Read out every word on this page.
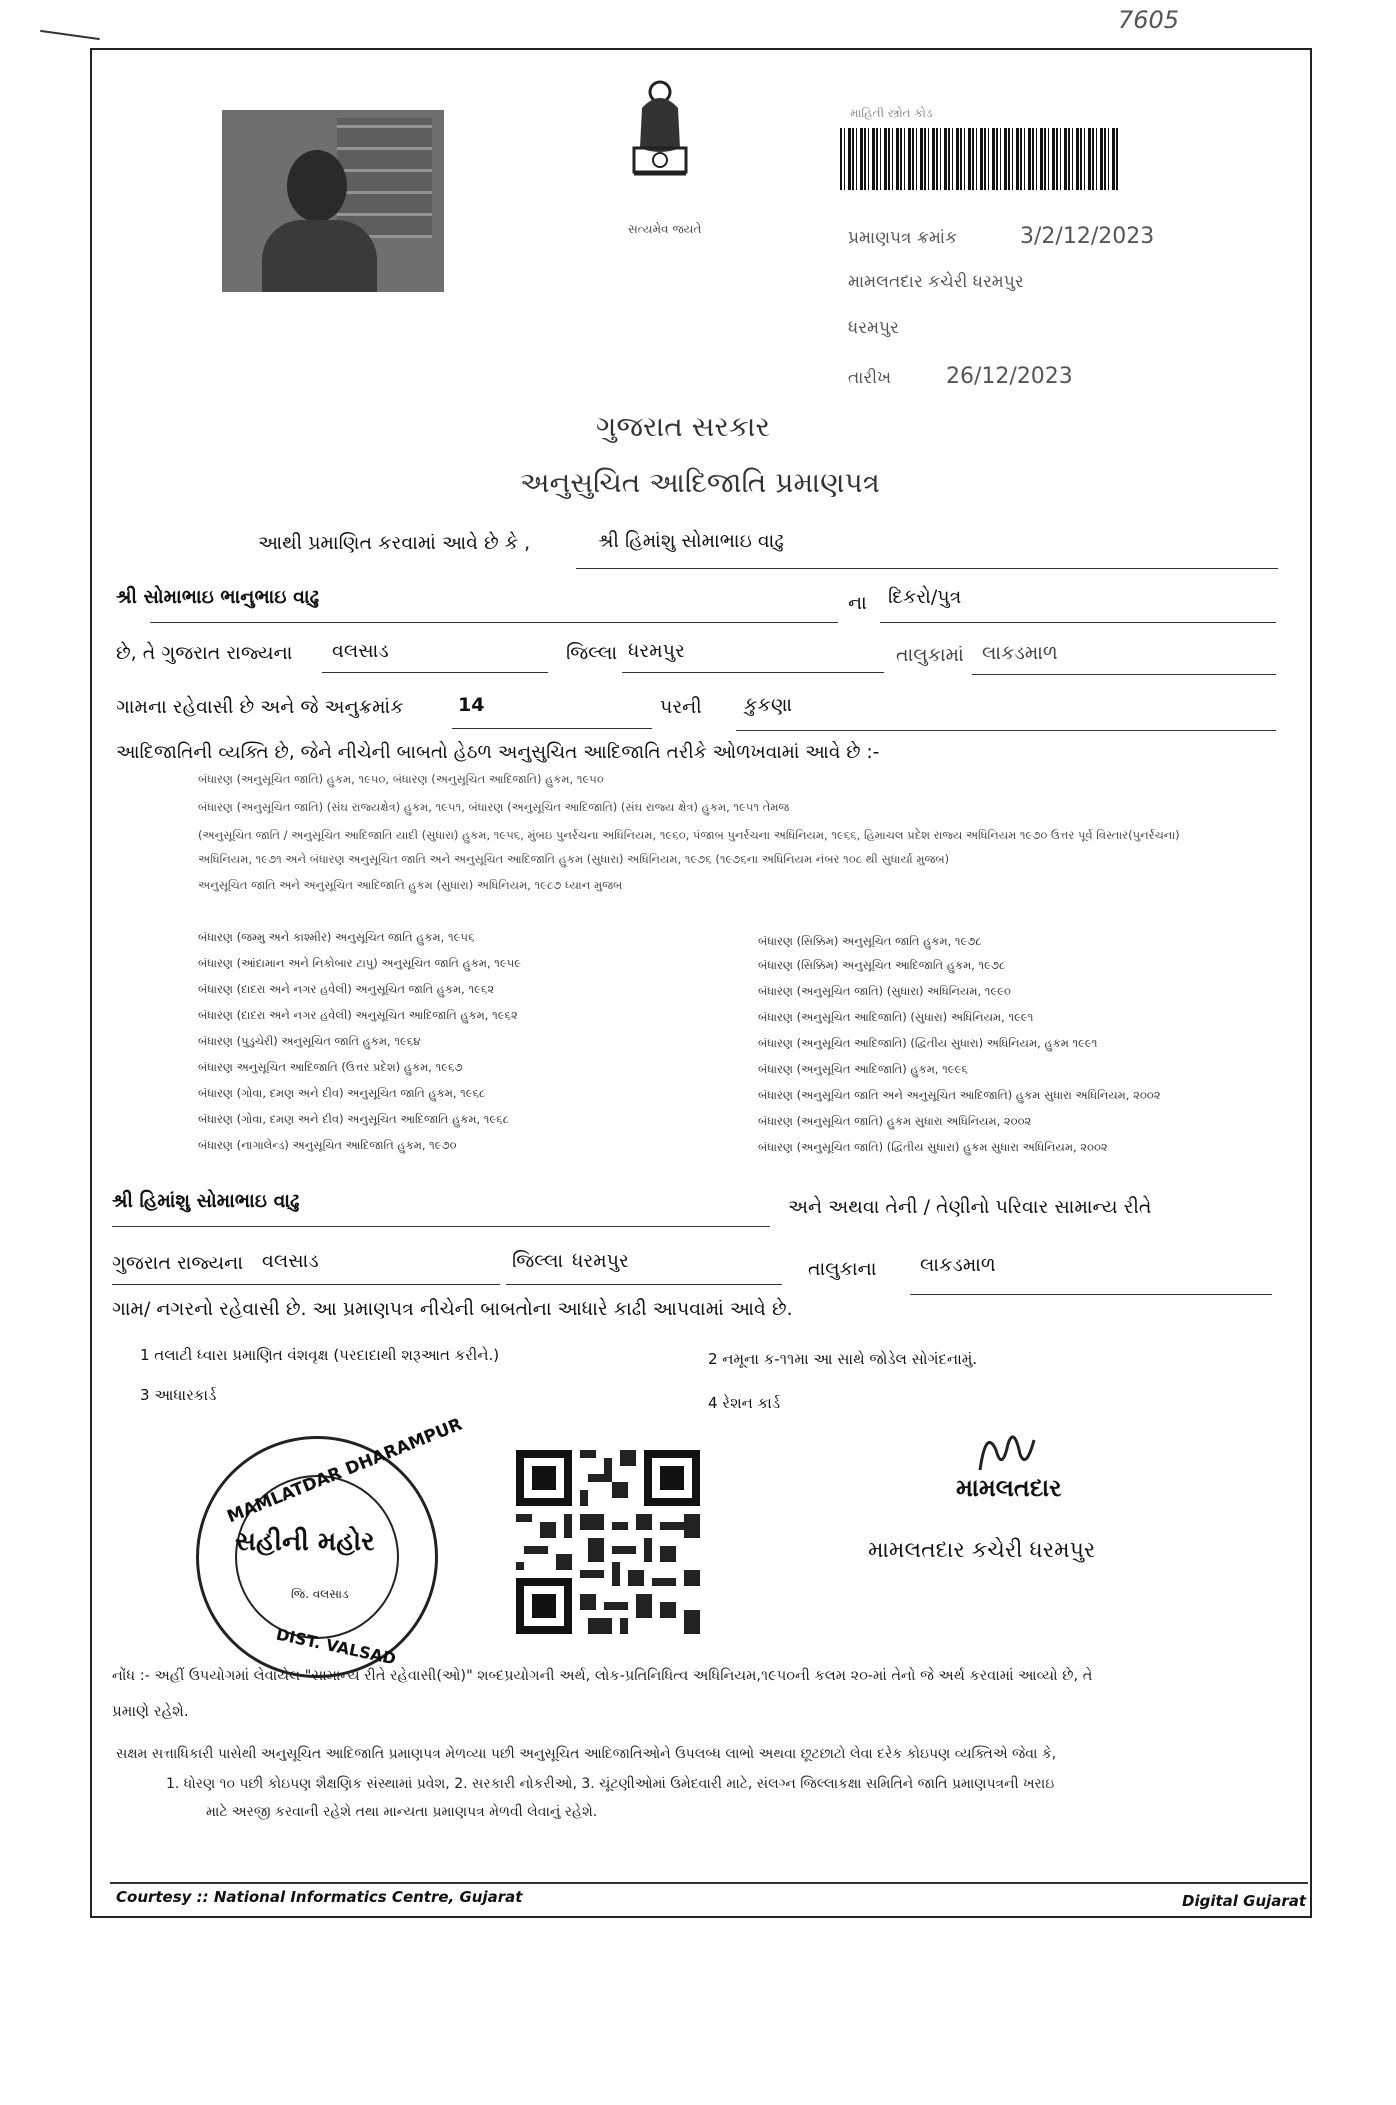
7605
સત્યમેવ જયતે
માહિતી સ્ત્રોત કોડ
પ્રમાણપત્ર ક્રમાંક	3/2/12/2023
મામલતદાર કચેરી ધરમપુર
ધરમપુર
તારીખ 26/12/2023
ગુજરાત સરકાર
અનુસુચિત આદિજાતિ પ્રમાણપત્ર
આથી પ્રમાણિત કરવામાં આવે છે કે ,	શ્રી હિમાંશુ સોમાભાઇ વાઢુ
શ્રી સોમાભાઇ ભાનુભાઇ વાઢુ	ના દિકરો/પુત્ર
છે, તે ગુજરાત રાજ્યના વલસાડ	જિલ્લા ધરમપુર	તાલુકામાં લાકડમાળ
ગામના રહેવાસી છે અને જે અનુક્રમાંક	14	પરની કુકણા
આદિજાતિની વ્યક્તિ છે, જેને નીચેની બાબતો હેઠળ અનુસુચિત આદિજાતિ તરીકે ઓળખવામાં આવે છે :-
બંધારણ (અનુસૂચિત જાતિ) હુકમ, ૧૯૫૦, બંધારણ (અનુસૂચિત આદિજાતિ) હુકમ, ૧૯૫૦
બંધારણ (અનુસૂચિત જાતિ) (સંઘ રાજ્યક્ષેત્ર) હુકમ, ૧૯૫૧, બંધારણ (અનુસૂચિત આદિજાતિ) (સંઘ રાજ્ય ક્ષેત્ર) હુકમ, ૧૯૫૧ તેમજ
(અનુસૂચિત જાતિ / અનુસૂચિત આદિજાતિ યાદી (સુધારા) હુકમ, ૧૯૫૬, મુંબઇ પુનર્રચના અધિનિયમ, ૧૯૬૦, પંજાબ પુનર્રચના અધિનિયમ, ૧૯૬૬, હિમાચલ પ્રદેશ રાજ્ય અધિનિયમ ૧૯૭૦ ઉત્તર પૂર્વ વિસ્તાર(પુનર્રચના)
અધિનિયમ, ૧૯૭૧ અને બંધારણ અનુસૂચિત જાતિ અને અનુસૂચિત આદિજાતિ હુકમ (સુધારા) અધિનિયમ, ૧૯૭૬ (૧૯૭૬ના અધિનિયમ નંબર ૧૦૮ થી સુધાર્યા મુજબ)
અનુસૂચિત જાતિ અને અનુસૂચિત આદિજાતિ હુકમ (સુધારા) અધિનિયમ, ૧૯૮૭ ધ્યાન મુજબ
બંધારણ (જમ્મુ અને કાશ્મીર) અનુસૂચિત જાતિ હુકમ, ૧૯૫૬
બંધારણ (આંદામાન અને નિકોબાર ટાપુ) અનુસૂચિત જાતિ હુકમ, ૧૯૫૯
બંધારણ (દાદરા અને નગર હવેલી) અનુસૂચિત જાતિ હુકમ, ૧૯૬૨
બંધારણ (દાદરા અને નગર હવેલી) અનુસૂચિત આદિજાતિ હુકમ, ૧૯૬૨
બંધારણ (પુડુચેરી) અનુસૂચિત જાતિ હુકમ, ૧૯૬૪
બંધારણ અનુસૂચિત આદિજાતિ (ઉત્તર પ્રદેશ) હુકમ, ૧૯૬૭
બંધારણ (ગોવા, દમણ અને દીવ) અનુસૂચિત જાતિ હુકમ, ૧૯૬૮
બંધારણ (ગોવા, દમણ અને દીવ) અનુસૂચિત આદિજાતિ હુકમ, ૧૯૬૮
બંધારણ (નાગાલેન્ડ) અનુસૂચિત આદિજાતિ હુકમ, ૧૯૭૦
બંધારણ (સિક્કિમ) અનુસૂચિત જાતિ હુકમ, ૧૯૭૮
બંધારણ (સિક્કિમ) અનુસૂચિત આદિજાતિ હુકમ, ૧૯૭૮
બંધારણ (અનુસૂચિત જાતિ) (સુધારા) અધિનિયમ, ૧૯૯૦
બંધારણ (અનુસૂચિત આદિજાતિ) (સુધારા) અધિનિયમ, ૧૯૯૧
બંધારણ (અનુસૂચિત આદિજાતિ) (દ્વિતીય સુધારા) અધિનિયમ, હુકમ ૧૯૯૧
બંધારણ (અનુસૂચિત આદિજાતિ) હુકમ, ૧૯૯૬
બંધારણ (અનુસૂચિત જાતિ અને અનુસૂચિત આદિજાતિ) હુકમ સુધારા અધિનિયમ, ૨૦૦૨
બંધારણ (અનુસૂચિત જાતિ) હુકમ સુધારા અધિનિયમ, ૨૦૦૨
બંધારણ (અનુસૂચિત જાતિ) (દ્વિતીય સુધારા) હુકમ સુધારા અધિનિયમ, ૨૦૦૨
શ્રી હિમાંશુ સોમાભાઇ વાઢુ	અને અથવા તેની / તેણીનો પરિવાર સામાન્ય રીતે
ગુજરાત રાજ્યના વલસાડ	જિલ્લા ધરમપુર	તાલુકાના લાકડમાળ
ગામ/ નગરનો રહેવાસી છે. આ પ્રમાણપત્ર નીચેની બાબતોના આધારે કાઢી આપવામાં આવે છે.
1 તલાટી ધ્વારા પ્રમાણિત વંશવૃક્ષ (પરદાદાથી શરૂઆત કરીને.)	2 નમૂના ક-૧૧મા આ સાથે જોડેલ સોગંદનામું.
3 આધારકાર્ડ	4 રેશન કાર્ડ
MAMLATDAR DHARAMPUR
સહીની મહોર
જિ. વલસાડ
DIST. VALSAD
મામલતદાર
મામલતદાર કચેરી ધરમપુર
નોંધ :- અહીં ઉપયોગમાં લેવાયેલ "સામાન્ય રીતે રહેવાસી(ઓ)" શબ્દપ્રયોગની અર્થ, લોક-પ્રતિનિધિત્વ અધિનિયમ,૧૯૫૦ની કલમ ૨૦-માં તેનો જે અર્થ કરવામાં આવ્યો છે, તે
પ્રમાણે રહેશે.
સક્ષમ સત્તાધિકારી પાસેથી અનુસૂચિત આદિજાતિ પ્રમાણપત્ર મેળવ્યા પછી અનુસૂચિત આદિજાતિઓને ઉપલબ્ધ લાભો અથવા છૂટછાટો લેવા દરેક કોઇપણ વ્યક્તિએ જેવા કે,
1. ધોરણ ૧૦ પછી કોઇપણ શૈક્ષણિક સંસ્થામાં પ્રવેશ, 2. સરકારી નોકરીઓ, 3. ચૂંટણીઓમાં ઉમેદવારી માટે, સંલગ્ન જિલ્લાકક્ષા સમિતિને જાતિ પ્રમાણપત્રની ખરાઇ
માટે અરજી કરવાની રહેશે તથા માન્યતા પ્રમાણપત્ર મેળવી લેવાનું રહેશે.
Courtesy :: National Informatics Centre, Gujarat	Digital Gujarat
